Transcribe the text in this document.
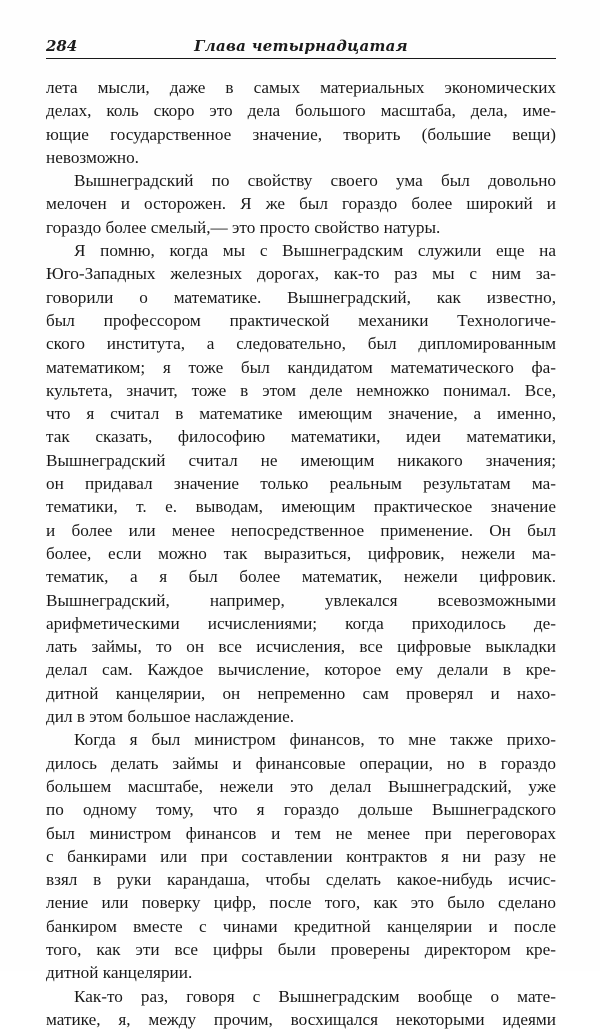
284	Глава четырнадцатая

лета мысли, даже в самых материальных экономических
делах, коль скоро это дела большого масштаба, дела, име-
ющие государственное значение, творить (большие вещи)
невозможно.

Вышнеградский по свойству своего ума был довольно
мелочен и осторожен. Я же был гораздо более широкий и
гораздо более смелый,— это просто свойство натуры.

Я помню, когда мы с Вышнеградским служили еще на
Юго-Западных железных дорогах, как-то раз мы с ним за-
говорили о математике. Вышнеградский, как известно,
был профессором практической механики Технологиче-
ского института, а следовательно, был дипломированным
математиком; я тоже был кандидатом математического фа-
культета, значит, тоже в этом деле немножко понимал. Все,
что я считал в математике имеющим значение, а именно,
так сказать, философию математики, идеи математики,
Вышнеградский считал не имеющим никакого значения;
он придавал значение только реальным результатам ма-
тематики, т. е. выводам, имеющим практическое значение
и более или менее непосредственное применение. Он был
более, если можно так выразиться, цифровик, нежели ма-
тематик, а я был более математик, нежели цифровик.
Вышнеградский, например, увлекался всевозможными
арифметическими исчислениями; когда приходилось де-
лать займы, то он все исчисления, все цифровые выкладки
делал сам. Каждое вычисление, которое ему делали в кре-
дитной канцелярии, он непременно сам проверял и нахо-
дил в этом большое наслаждение.

Когда я был министром финансов, то мне также прихо-
дилось делать займы и финансовые операции, но в гораздо
большем масштабе, нежели это делал Вышнеградский, уже
по одному тому, что я гораздо дольше Вышнеградского
был министром финансов и тем не менее при переговорах
с банкирами или при составлении контрактов я ни разу не
взял в руки карандаша, чтобы сделать какое-нибудь исчис-
ление или поверку цифр, после того, как это было сделано
банкиром вместе с чинами кредитной канцелярии и после
того, как эти все цифры были проверены директором кре-
дитной канцелярии.

Как-то раз, говоря с Вышнеградским вообще о мате-
матике, я, между прочим, восхищался некоторыми идеями
